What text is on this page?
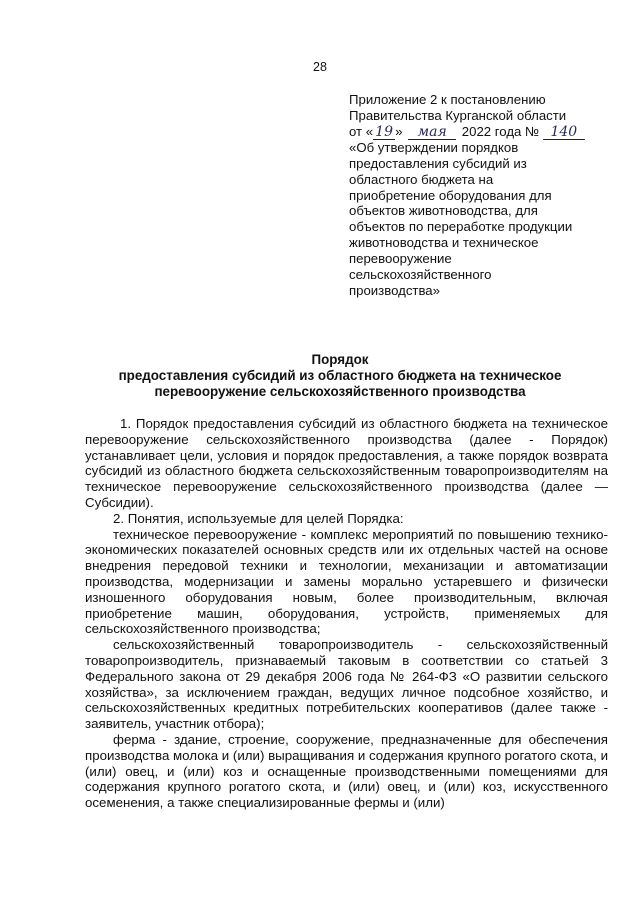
28
Приложение 2 к постановлению
Правительства Курганской области
от « 19 » мая 2022 года № 140
«Об утверждении порядков
предоставления субсидий из
областного бюджета на
приобретение оборудования для
объектов животноводства, для
объектов по переработке продукции
животноводства и техническое
перевооружение
сельскохозяйственного
производства»
Порядок
предоставления субсидий из областного бюджета на техническое
перевооружение сельскохозяйственного производства

1. Порядок предоставления субсидий из областного бюджета на техническое перевооружение сельскохозяйственного производства (далее - Порядок) устанавливает цели, условия и порядок предоставления, а также порядок возврата субсидий из областного бюджета сельскохозяйственным товаропроизводителям на техническое перевооружение сельскохозяйственного производства (далее — Субсидии).

2. Понятия, используемые для целей Порядка:

техническое перевооружение - комплекс мероприятий по повышению технико-экономических показателей основных средств или их отдельных частей на основе внедрения передовой техники и технологии, механизации и автоматизации производства, модернизации и замены морально устаревшего и физически изношенного оборудования новым, более производительным, включая приобретение машин, оборудования, устройств, применяемых для сельскохозяйственного производства;

сельскохозяйственный товаропроизводитель - сельскохозяйственный товаропроизводитель, признаваемый таковым в соответствии со статьей 3 Федерального закона от 29 декабря 2006 года № 264-ФЗ «О развитии сельского хозяйства», за исключением граждан, ведущих личное подсобное хозяйство, и сельскохозяйственных кредитных потребительских кооперативов (далее также - заявитель, участник отбора);

ферма - здание, строение, сооружение, предназначенные для обеспечения производства молока и (или) выращивания и содержания крупного рогатого скота, и (или) овец, и (или) коз и оснащенные производственными помещениями для содержания крупного рогатого скота, и (или) овец, и (или) коз, искусственного осеменения, а также специализированные фермы и (или)
